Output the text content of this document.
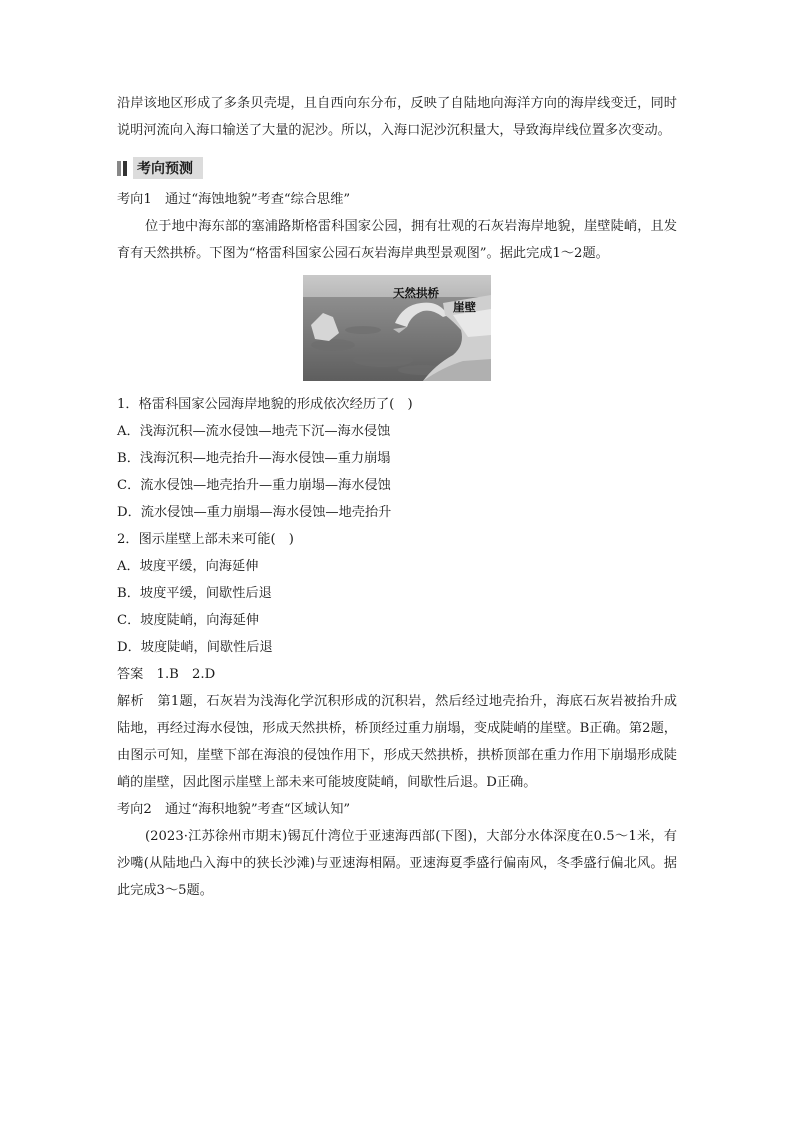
沿岸该地区形成了多条贝壳堤，且自西向东分布，反映了自陆地向海洋方向的海岸线变迁，同时说明河流向入海口输送了大量的泥沙。所以，入海口泥沙沉积量大，导致海岸线位置多次变动。

考向预测

考向1　通过“海蚀地貌”考查“综合思维”

位于地中海东部的塞浦路斯格雷科国家公园，拥有壮观的石灰岩海岸地貌，崖壁陡峭，且发育有天然拱桥。下图为“格雷科国家公园石灰岩海岸典型景观图”。据此完成1～2题。

天然拱桥
崖壁

1．格雷科国家公园海岸地貌的形成依次经历了(　)

A．浅海沉积—流水侵蚀—地壳下沉—海水侵蚀

B．浅海沉积—地壳抬升—海水侵蚀—重力崩塌

C．流水侵蚀—地壳抬升—重力崩塌—海水侵蚀

D．流水侵蚀—重力崩塌—海水侵蚀—地壳抬升

2．图示崖壁上部未来可能(　)

A．坡度平缓，向海延伸

B．坡度平缓，间歇性后退

C．坡度陡峭，向海延伸

D．坡度陡峭，间歇性后退

答案　1.B　2.D

解析　第1题，石灰岩为浅海化学沉积形成的沉积岩，然后经过地壳抬升，海底石灰岩被抬升成陆地，再经过海水侵蚀，形成天然拱桥，桥顶经过重力崩塌，变成陡峭的崖壁。B正确。第2题，由图示可知，崖壁下部在海浪的侵蚀作用下，形成天然拱桥，拱桥顶部在重力作用下崩塌形成陡峭的崖壁，因此图示崖壁上部未来可能坡度陡峭，间歇性后退。D正确。

考向2　通过“海积地貌”考查“区域认知”

(2023·江苏徐州市期末)锡瓦什湾位于亚速海西部(下图)，大部分水体深度在0.5～1米，有沙嘴(从陆地凸入海中的狭长沙滩)与亚速海相隔。亚速海夏季盛行偏南风，冬季盛行偏北风。据此完成3～5题。
